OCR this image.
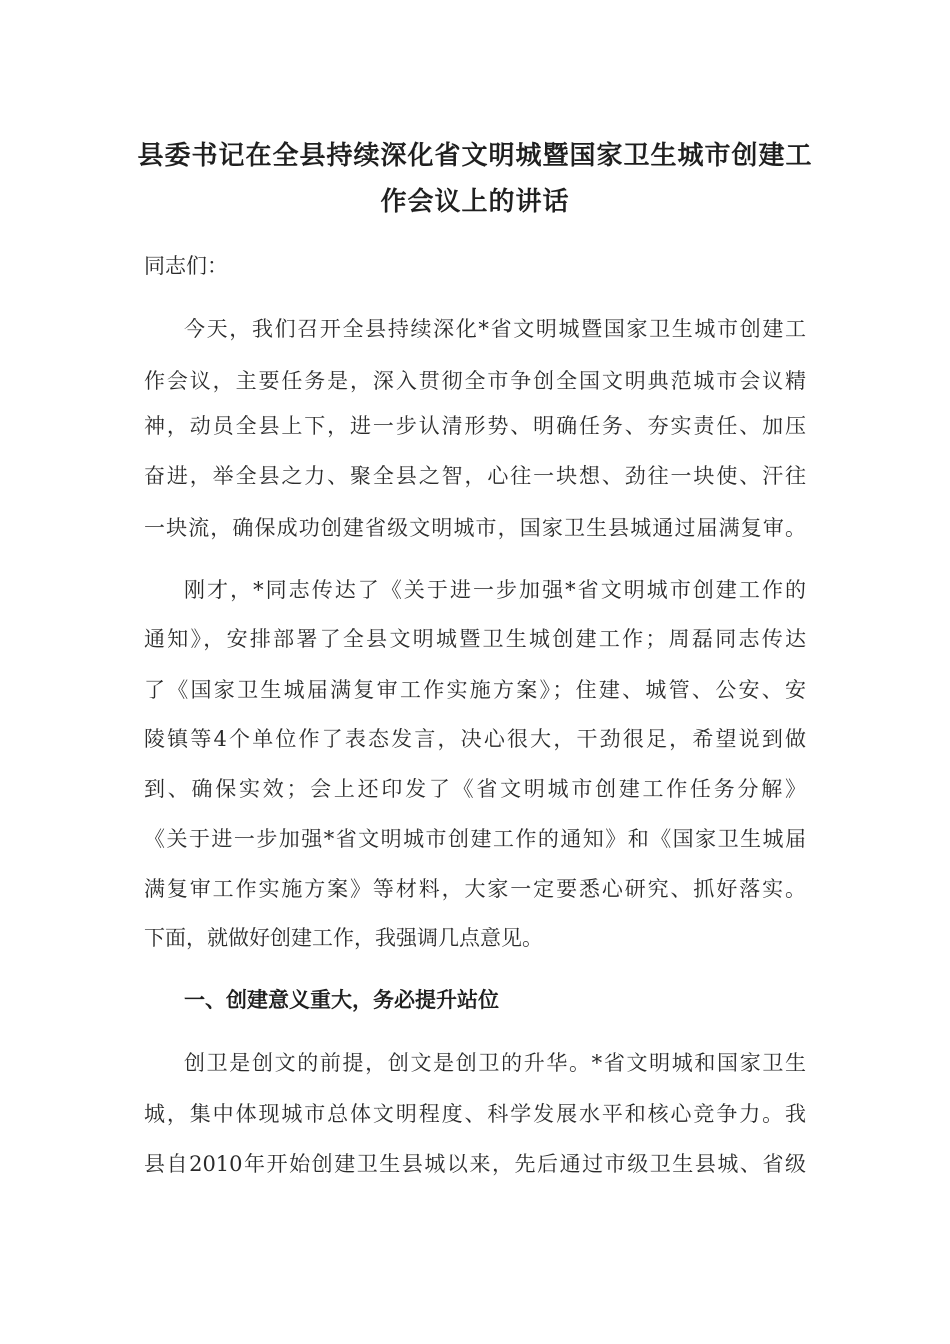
县委书记在全县持续深化省文明城暨国家卫生城市创建工
作会议上的讲话
同志们：
今天，我们召开全县持续深化*省文明城暨国家卫生城市创建工
作会议，主要任务是，深入贯彻全市争创全国文明典范城市会议精
神，动员全县上下，进一步认清形势、明确任务、夯实责任、加压
奋进，举全县之力、聚全县之智，心往一块想、劲往一块使、汗往
一块流，确保成功创建省级文明城市，国家卫生县城通过届满复审。
刚才，*同志传达了《关于进一步加强*省文明城市创建工作的
通知》，安排部署了全县文明城暨卫生城创建工作；周磊同志传达
了《国家卫生城届满复审工作实施方案》；住建、城管、公安、安
陵镇等4个单位作了表态发言，决心很大，干劲很足，希望说到做
到、确保实效；会上还印发了《省文明城市创建工作任务分解》
《关于进一步加强*省文明城市创建工作的通知》和《国家卫生城届
满复审工作实施方案》等材料，大家一定要悉心研究、抓好落实。
下面，就做好创建工作，我强调几点意见。
一、创建意义重大，务必提升站位
创卫是创文的前提，创文是创卫的升华。*省文明城和国家卫生
城，集中体现城市总体文明程度、科学发展水平和核心竞争力。我
县自2010年开始创建卫生县城以来，先后通过市级卫生县城、省级
